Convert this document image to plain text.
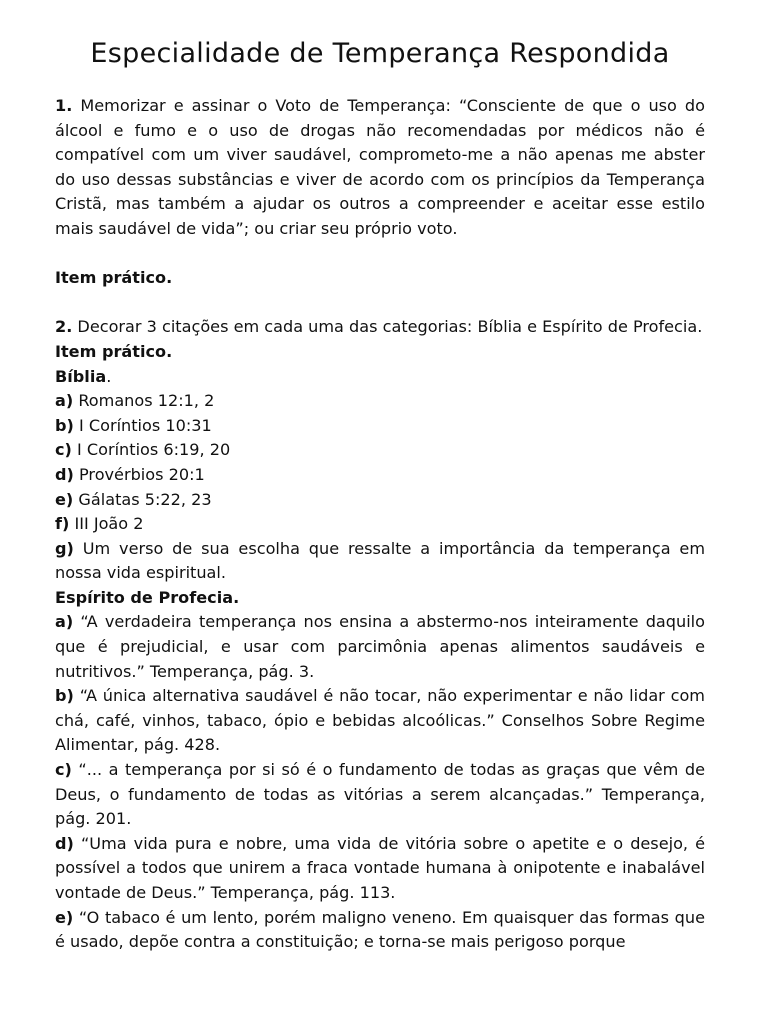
Especialidade de Temperança Respondida

1. Memorizar e assinar o Voto de Temperança: “Consciente de que o uso do álcool e fumo e o uso de drogas não recomendadas por médicos não é compatível com um viver saudável, comprometo-me a não apenas me abster do uso dessas substâncias e viver de acordo com os princípios da Temperança Cristã, mas também a ajudar os outros a compreender e aceitar esse estilo mais saudável de vida”; ou criar seu próprio voto.

Item prático.

2. Decorar 3 citações em cada uma das categorias: Bíblia e Espírito de Profecia.

Item prático.

Bíblia.

a) Romanos 12:1, 2

b) I Coríntios 10:31

c) I Coríntios 6:19, 20

d) Provérbios 20:1

e) Gálatas 5:22, 23

f) III João 2

g) Um verso de sua escolha que ressalte a importância da temperança em nossa vida espiritual.

Espírito de Profecia.

a) “A verdadeira temperança nos ensina a abstermo-nos inteiramente daquilo que é prejudicial, e usar com parcimônia apenas alimentos saudáveis e nutritivos.” Temperança, pág. 3.

b) “A única alternativa saudável é não tocar, não experimentar e não lidar com chá, café, vinhos, tabaco, ópio e bebidas alcoólicas.” Conselhos Sobre Regime Alimentar, pág. 428.

c) “... a temperança por si só é o fundamento de todas as graças que vêm de Deus, o fundamento de todas as vitórias a serem alcançadas.” Temperança, pág. 201.

d) “Uma vida pura e nobre, uma vida de vitória sobre o apetite e o desejo, é possível a todos que unirem a fraca vontade humana à onipotente e inabalável vontade de Deus.” Temperança, pág. 113.

e) “O tabaco é um lento, porém maligno veneno. Em quaisquer das formas que é usado, depõe contra a constituição; e torna-se mais perigoso porque
